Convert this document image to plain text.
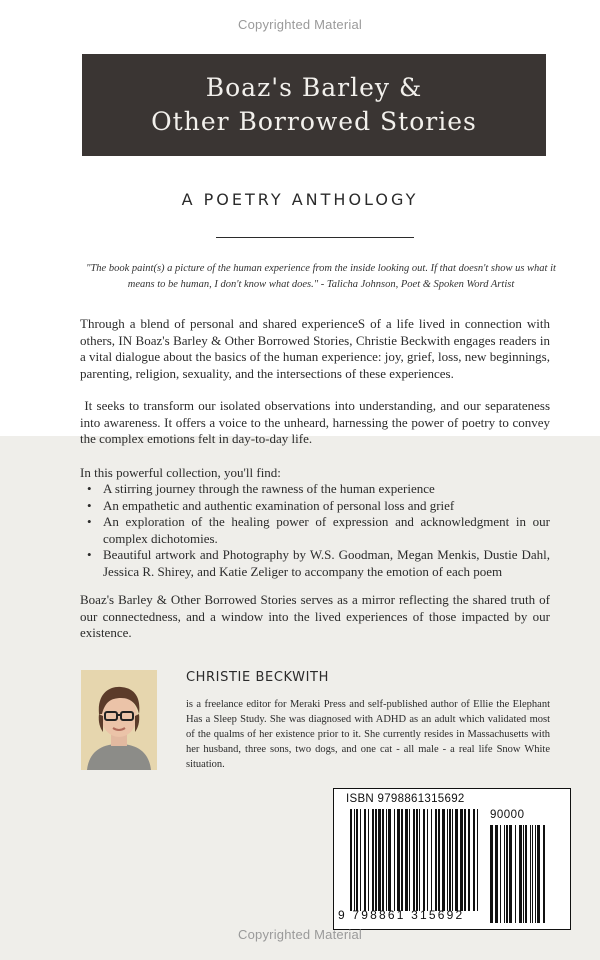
Copyrighted Material
Boaz's Barley &
Other Borrowed Stories
A POETRY ANTHOLOGY
"The book paint(s) a picture of the human experience from the inside looking out. If that doesn't show us what it means to be human, I don't know what does." - Talicha Johnson, Poet & Spoken Word Artist
Through a blend of personal and shared experienceS of a life lived in connection with others, IN Boaz's Barley & Other Borrowed Stories, Christie Beckwith engages readers in a vital dialogue about the basics of the human experience: joy, grief, loss, new beginnings, parenting, religion, sexuality, and the intersections of these experiences.
It seeks to transform our isolated observations into understanding, and our separateness into awareness. It offers a voice to the unheard, harnessing the power of poetry to convey the complex emotions felt in day-to-day life.
In this powerful collection, you'll find:
• A stirring journey through the rawness of the human experience
• An empathetic and authentic examination of personal loss and grief
• An exploration of the healing power of expression and acknowledgment in our complex dichotomies.
• Beautiful artwork and Photography by W.S. Goodman, Megan Menkis, Dustie Dahl, Jessica R. Shirey, and Katie Zeliger to accompany the emotion of each poem
Boaz's Barley & Other Borrowed Stories serves as a mirror reflecting the shared truth of our connectedness, and a window into the lived experiences of those impacted by our existence.
CHRISTIE BECKWITH
is a freelance editor for Meraki Press and self-published author of Ellie the Elephant Has a Sleep Study. She was diagnosed with ADHD as an adult which validated most of the qualms of her existence prior to it. She currently resides in Massachusetts with her husband, three sons, two dogs, and one cat - all male - a real life Snow White situation.
ISBN 9798861315692
90000
9 798861 315692
Copyrighted Material
